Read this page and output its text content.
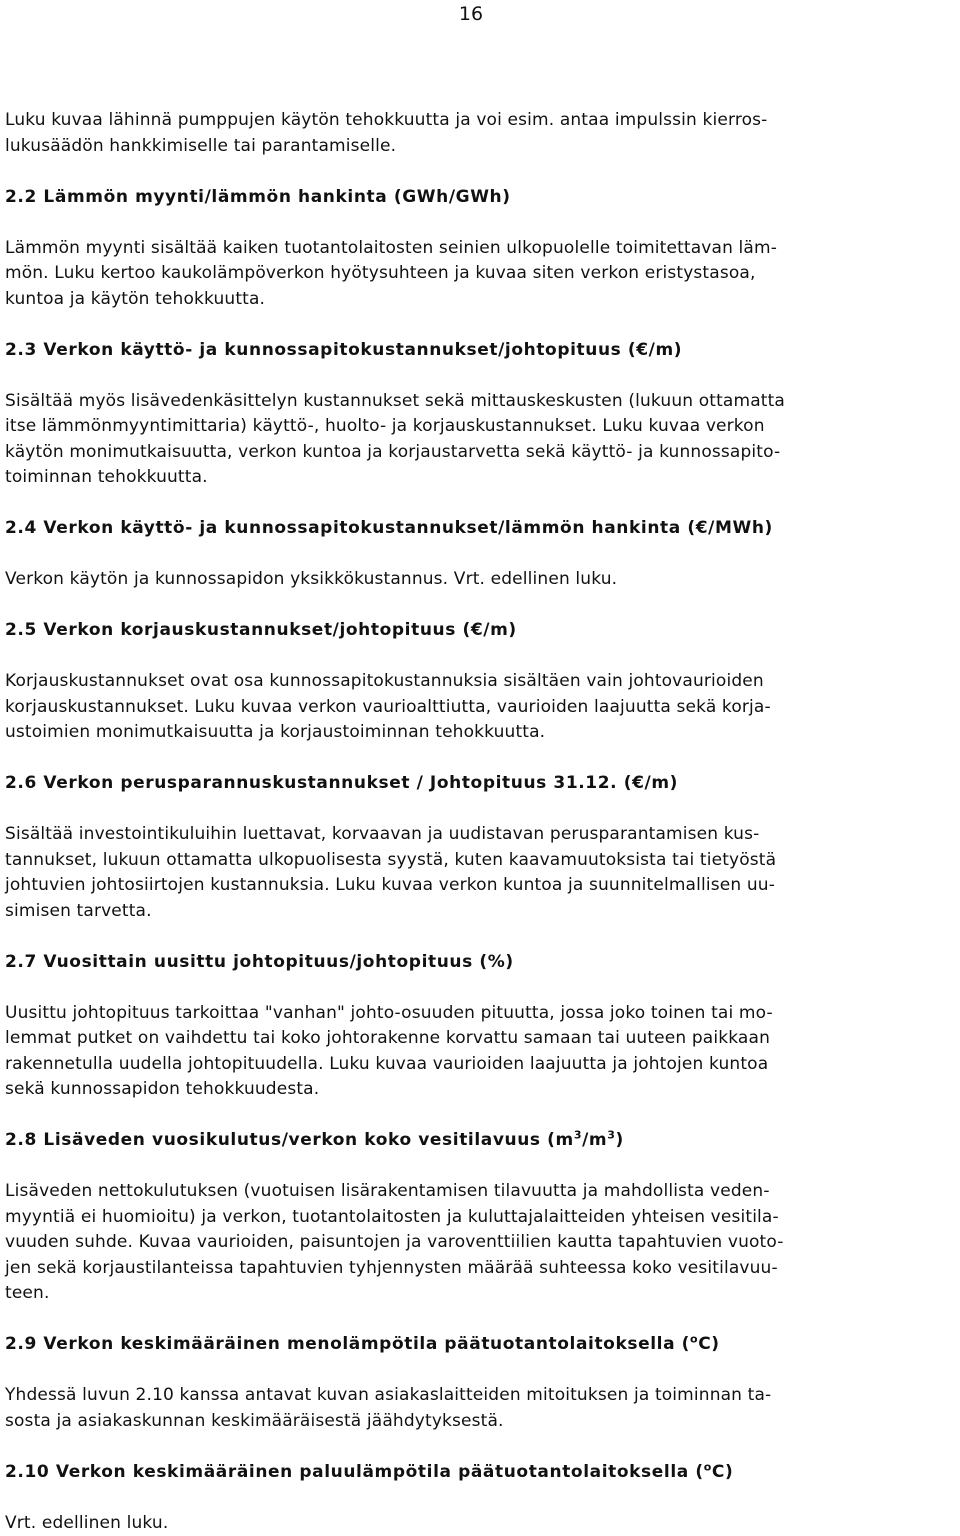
16

Luku kuvaa lähinnä pumppujen käytön tehokkuutta ja voi esim. antaa impulssin kierros-
lukusäädön hankkimiselle tai parantamiselle.

2.2 Lämmön myynti/lämmön hankinta (GWh/GWh)

Lämmön myynti sisältää kaiken tuotantolaitosten seinien ulkopuolelle toimitettavan läm-
mön. Luku kertoo kaukolämpöverkon hyötysuhteen ja kuvaa siten verkon eristystasoa,
kuntoa ja käytön tehokkuutta.

2.3 Verkon käyttö- ja kunnossapitokustannukset/johtopituus (€/m)

Sisältää myös lisävedenkäsittelyn kustannukset sekä mittauskeskusten (lukuun ottamatta
itse lämmönmyyntimittaria) käyttö-, huolto- ja korjauskustannukset. Luku kuvaa verkon
käytön monimutkaisuutta, verkon kuntoa ja korjaustarvetta sekä käyttö- ja kunnossapito-
toiminnan tehokkuutta.

2.4 Verkon käyttö- ja kunnossapitokustannukset/lämmön hankinta (€/MWh)

Verkon käytön ja kunnossapidon yksikkökustannus. Vrt. edellinen luku.

2.5 Verkon korjauskustannukset/johtopituus (€/m)

Korjauskustannukset ovat osa kunnossapitokustannuksia sisältäen vain johtovaurioiden
korjauskustannukset. Luku kuvaa verkon vaurioalttiutta, vaurioiden laajuutta sekä korja-
ustoimien monimutkaisuutta ja korjaustoiminnan tehokkuutta.

2.6 Verkon perusparannuskustannukset / Johtopituus 31.12. (€/m)

Sisältää investointikuluihin luettavat, korvaavan ja uudistavan perusparantamisen kus-
tannukset, lukuun ottamatta ulkopuolisesta syystä, kuten kaavamuutoksista tai tietyöstä
johtuvien johtosiirtojen kustannuksia. Luku kuvaa verkon kuntoa ja suunnitelmallisen uu-
simisen tarvetta.

2.7 Vuosittain uusittu johtopituus/johtopituus (%)

Uusittu johtopituus tarkoittaa "vanhan" johto-osuuden pituutta, jossa joko toinen tai mo-
lemmat putket on vaihdettu tai koko johtorakenne korvattu samaan tai uuteen paikkaan
rakennetulla uudella johtopituudella. Luku kuvaa vaurioiden laajuutta ja johtojen kuntoa
sekä kunnossapidon tehokkuudesta.

2.8 Lisäveden vuosikulutus/verkon koko vesitilavuus $(m^3/m^3)$

Lisäveden nettokulutuksen (vuotuisen lisärakentamisen tilavuutta ja mahdollista veden-
myyntiä ei huomioitu) ja verkon, tuotantolaitosten ja kuluttajalaitteiden yhteisen vesitila-
vuuden suhde. Kuvaa vaurioiden, paisuntojen ja varoventtiilien kautta tapahtuvien vuoto-
jen sekä korjaustilanteissa tapahtuvien tyhjennysten määrää suhteessa koko vesitilavuu-
teen.

2.9 Verkon keskimääräinen menolämpötila päätuotantolaitoksella ($^o$C)

Yhdessä luvun 2.10 kanssa antavat kuvan asiakaslaitteiden mitoituksen ja toiminnan ta-
sosta ja asiakaskunnan keskimääräisestä jäähdytyksestä.

2.10 Verkon keskimääräinen paluulämpötila päätuotantolaitoksella ($^o$C)

Vrt. edellinen luku.
